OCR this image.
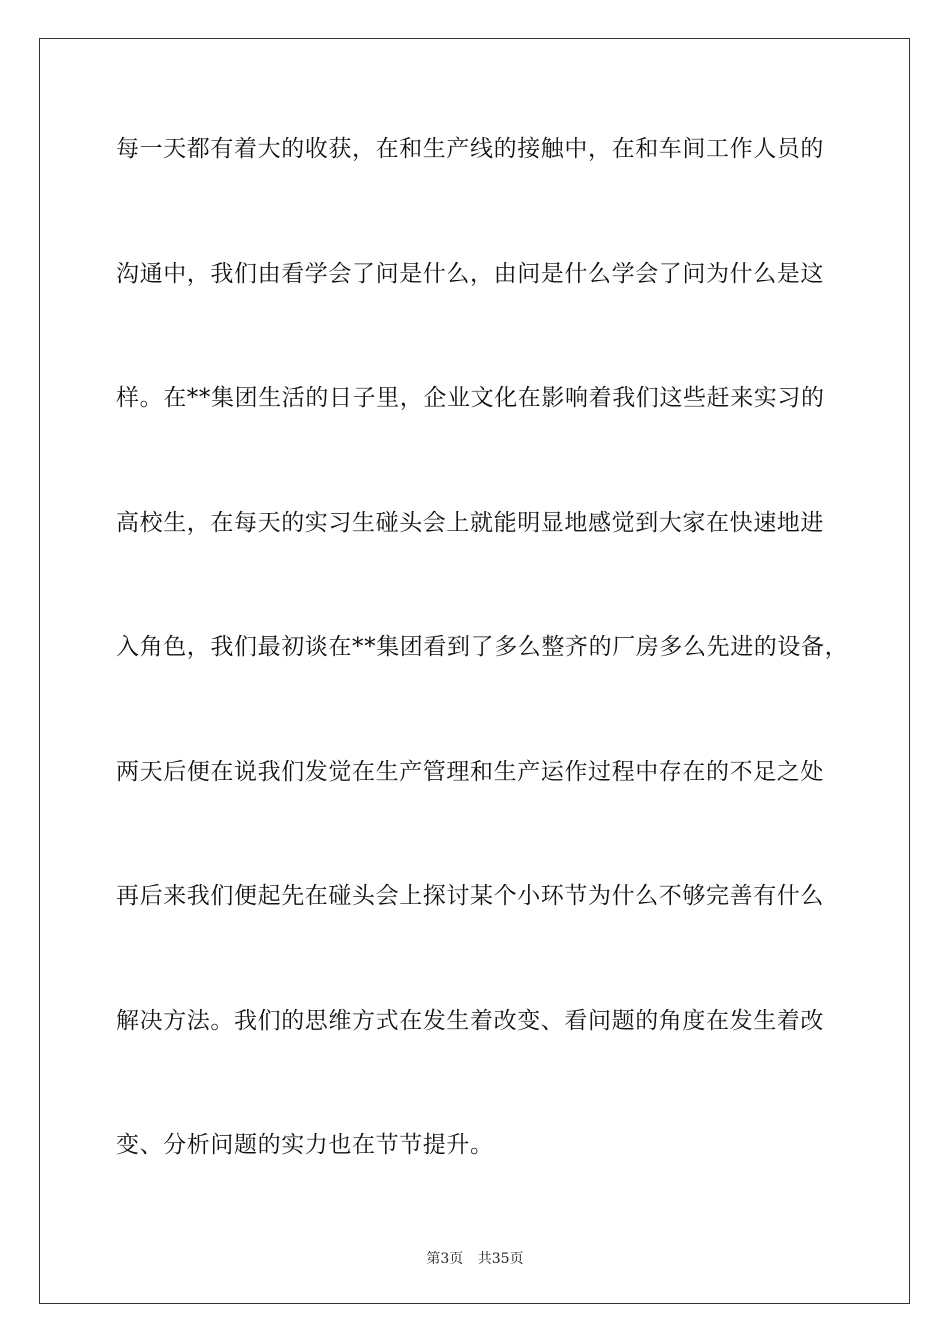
每一天都有着大的收获，在和生产线的接触中，在和车间工作人员的
沟通中，我们由看学会了问是什么，由问是什么学会了问为什么是这
样。在**集团生活的日子里，企业文化在影响着我们这些赶来实习的
高校生，在每天的实习生碰头会上就能明显地感觉到大家在快速地进
入角色，我们最初谈在**集团看到了多么整齐的厂房多么先进的设备，
两天后便在说我们发觉在生产管理和生产运作过程中存在的不足之处
再后来我们便起先在碰头会上探讨某个小环节为什么不够完善有什么
解决方法。我们的思维方式在发生着改变、看问题的角度在发生着改
变、分析问题的实力也在节节提升。
第3页 共35页
